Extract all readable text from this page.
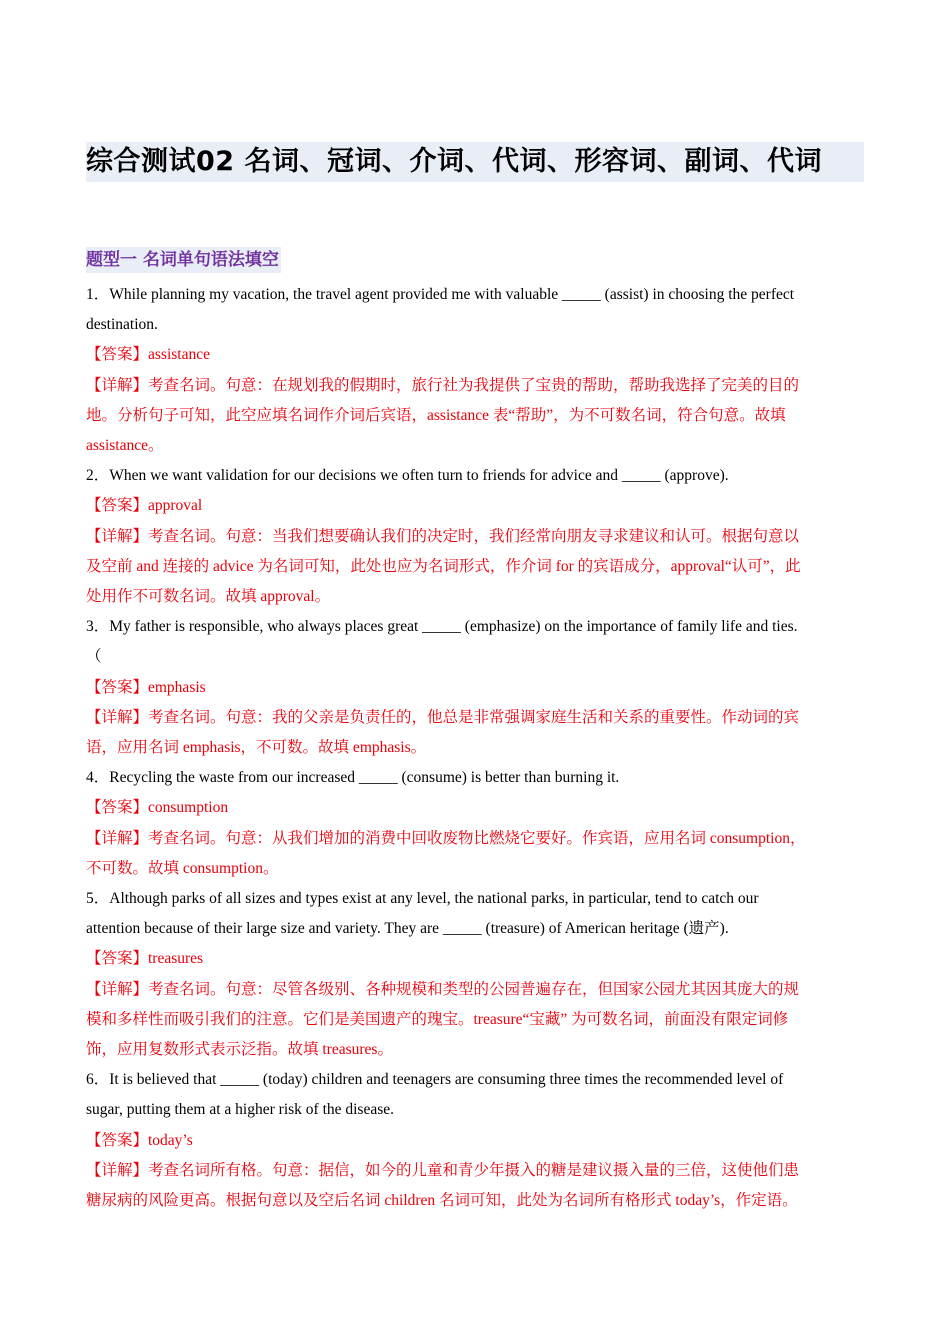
综合测试02 名词、冠词、介词、代词、形容词、副词、代词
题型一 名词单句语法填空
1．While planning my vacation, the travel agent provided me with valuable _____ (assist) in choosing the perfect
destination.
【答案】assistance
【详解】考查名词。句意：在规划我的假期时，旅行社为我提供了宝贵的帮助，帮助我选择了完美的目的
地。分析句子可知，此空应填名词作介词后宾语，assistance 表“帮助”，为不可数名词，符合句意。故填
assistance。
2．When we want validation for our decisions we often turn to friends for advice and _____ (approve).
【答案】approval
【详解】考查名词。句意：当我们想要确认我们的决定时，我们经常向朋友寻求建议和认可。根据句意以
及空前 and 连接的 advice 为名词可知，此处也应为名词形式，作介词 for 的宾语成分，approval“认可”，此
处用作不可数名词。故填 approval。
3．My father is responsible, who always places great _____ (emphasize) on the importance of family life and ties.
（
【答案】emphasis
【详解】考查名词。句意：我的父亲是负责任的，他总是非常强调家庭生活和关系的重要性。作动词的宾
语，应用名词 emphasis，不可数。故填 emphasis。
4．Recycling the waste from our increased _____ (consume) is better than burning it.
【答案】consumption
【详解】考查名词。句意：从我们增加的消费中回收废物比燃烧它要好。作宾语，应用名词 consumption，
不可数。故填 consumption。
5．Although parks of all sizes and types exist at any level, the national parks, in particular, tend to catch our
attention because of their large size and variety. They are _____ (treasure) of American heritage (遗产).
【答案】treasures
【详解】考查名词。句意：尽管各级别、各种规模和类型的公园普遍存在，但国家公园尤其因其庞大的规
模和多样性而吸引我们的注意。它们是美国遗产的瑰宝。treasure“宝藏” 为可数名词，前面没有限定词修
饰，应用复数形式表示泛指。故填 treasures。
6．It is believed that _____ (today) children and teenagers are consuming three times the recommended level of
sugar, putting them at a higher risk of the disease.
【答案】today’s
【详解】考查名词所有格。句意：据信，如今的儿童和青少年摄入的糖是建议摄入量的三倍，这使他们患
糖尿病的风险更高。根据句意以及空后名词 children 名词可知，此处为名词所有格形式 today’s，作定语。
